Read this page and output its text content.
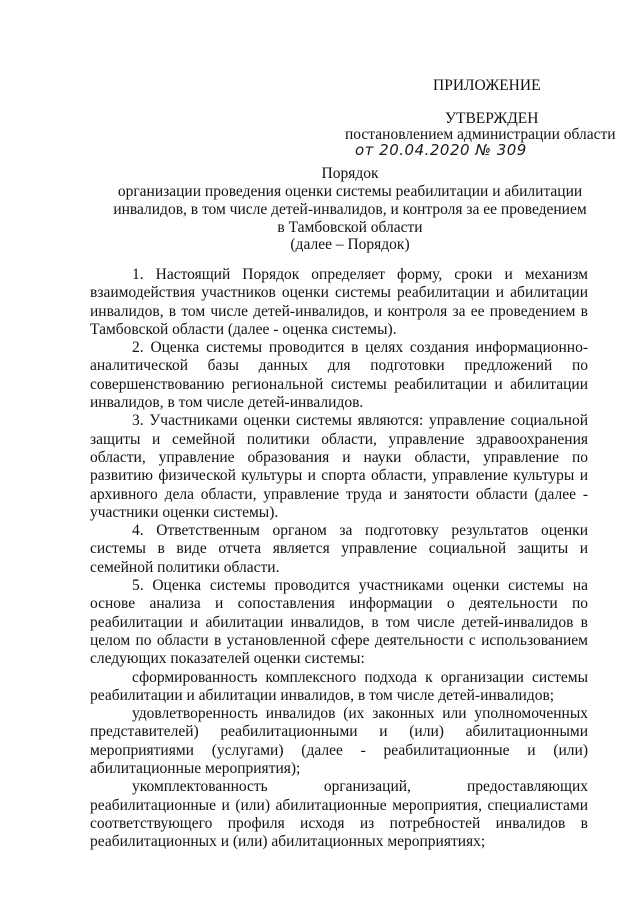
ПРИЛОЖЕНИЕ
УТВЕРЖДЕН
постановлением администрации области
от 20.04.2020 № 309
Порядок
организации проведения оценки системы реабилитации и абилитации
инвалидов, в том числе детей-инвалидов, и контроля за ее проведением
в Тамбовской области
(далее – Порядок)

1. Настоящий Порядок определяет форму, сроки и механизм взаимодействия участников оценки системы реабилитации и абилитации инвалидов, в том числе детей-инвалидов, и контроля за ее проведением в Тамбовской области (далее - оценка системы).

2. Оценка системы проводится в целях создания информационно-аналитической базы данных для подготовки предложений по совершенствованию региональной системы реабилитации и абилитации инвалидов, в том числе детей-инвалидов.

3. Участниками оценки системы являются: управление социальной защиты и семейной политики области, управление здравоохранения области, управление образования и науки области, управление по развитию физической культуры и спорта области, управление культуры и архивного дела области, управление труда и занятости области (далее - участники оценки системы).

4. Ответственным органом за подготовку результатов оценки системы в виде отчета является управление социальной защиты и семейной политики области.

5. Оценка системы проводится участниками оценки системы на основе анализа и сопоставления информации о деятельности по реабилитации и абилитации инвалидов, в том числе детей-инвалидов в целом по области в установленной сфере деятельности с использованием следующих показателей оценки системы:

сформированность комплексного подхода к организации системы реабилитации и абилитации инвалидов, в том числе детей-инвалидов;

удовлетворенность инвалидов (их законных или уполномоченных представителей) реабилитационными и (или) абилитационными мероприятиями (услугами) (далее - реабилитационные и (или) абилитационные мероприятия);

укомплектованность организаций, предоставляющих реабилитационные и (или) абилитационные мероприятия, специалистами соответствующего профиля исходя из потребностей инвалидов в реабилитационных и (или) абилитационных мероприятиях;
